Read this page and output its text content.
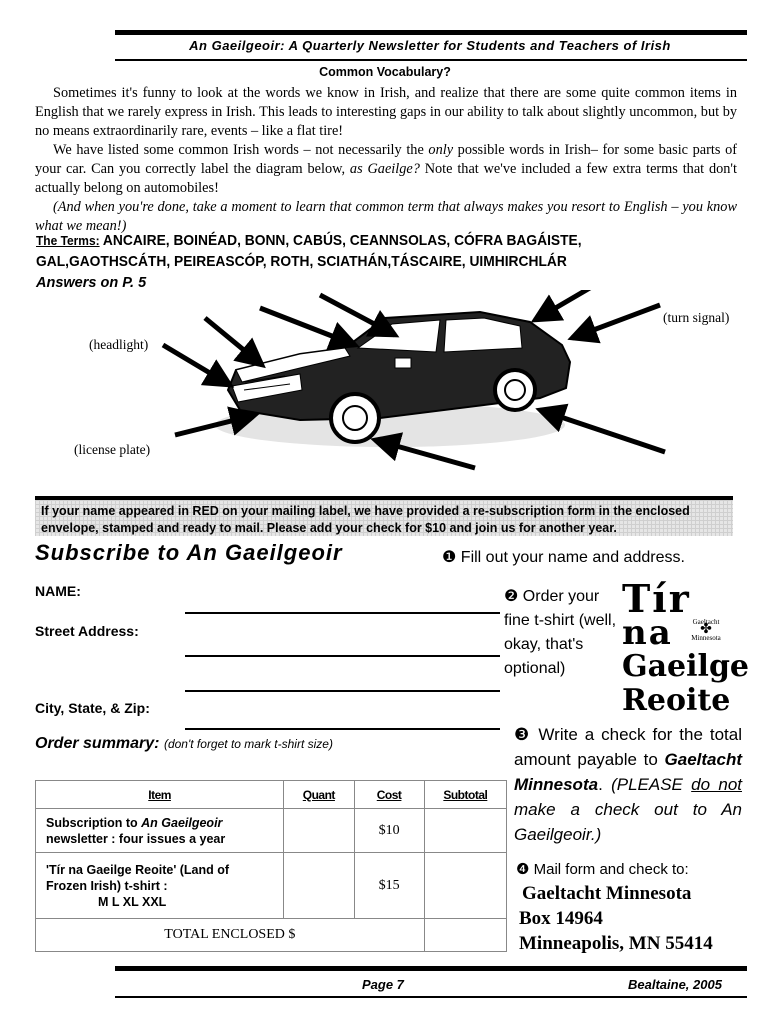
An Gaeilgeoir: A Quarterly Newsletter for Students and Teachers of Irish
Common Vocabulary?

Sometimes it's funny to look at the words we know in Irish, and realize that there are some quite common items in English that we rarely express in Irish. This leads to interesting gaps in our ability to talk about slightly uncommon, but by no means extraordinarily rare, events – like a flat tire!

We have listed some common Irish words – not necessarily the only possible words in Irish– for some basic parts of your car. Can you correctly label the diagram below, as Gaeilge? Note that we've included a few extra terms that don't actually belong on automobiles!

(And when you're done, take a moment to learn that common term that always makes you resort to English – you know what we mean!)

The Terms: ANCAIRE, BOINÉAD, BONN, CABÚS, CEANNSOLAS, CÓFRA BAGÁISTE, GAL,GAOTHSCÁTH, PEIREASCÓP, ROTH, SCIATHÁN,TÁSCAIRE, UIMHIRCHLÁR
Answers on P. 5
(headlight)
(license plate)
(turn signal)
If your name appeared in RED on your mailing label, we have provided a re-subscription form in the enclosed envelope, stamped and ready to mail. Please add your check for $10 and join us for another year.
Subscribe to An Gaeilgeoir	❶ Fill out your name and address.
NAME:
Street Address:
City, State, & Zip:
Order summary: (don't forget to mark t-shirt size)
❷ Order your fine t-shirt (well, okay, that's optional)
Tír
na
Gaeilge
Reoite
Gaeltacht
✤
Minnesota
❸ Write a check for the total amount payable to Gaeltacht Minnesota. (PLEASE do not make a check out to An Gaeilgeoir.)
❹ Mail form and check to:
Gaeltacht Minnesota
Box 14964
Minneapolis, MN 55414
Item	Quant	Cost	Subtotal
Subscription to An Gaeilgeoir
newsletter : four issues a year		$10	
'Tír na Gaeilge Reoite' (Land of Frozen Irish) t-shirt :
M L XL XXL		$15	
TOTAL ENCLOSED $			
Page 7	Bealtaine, 2005
